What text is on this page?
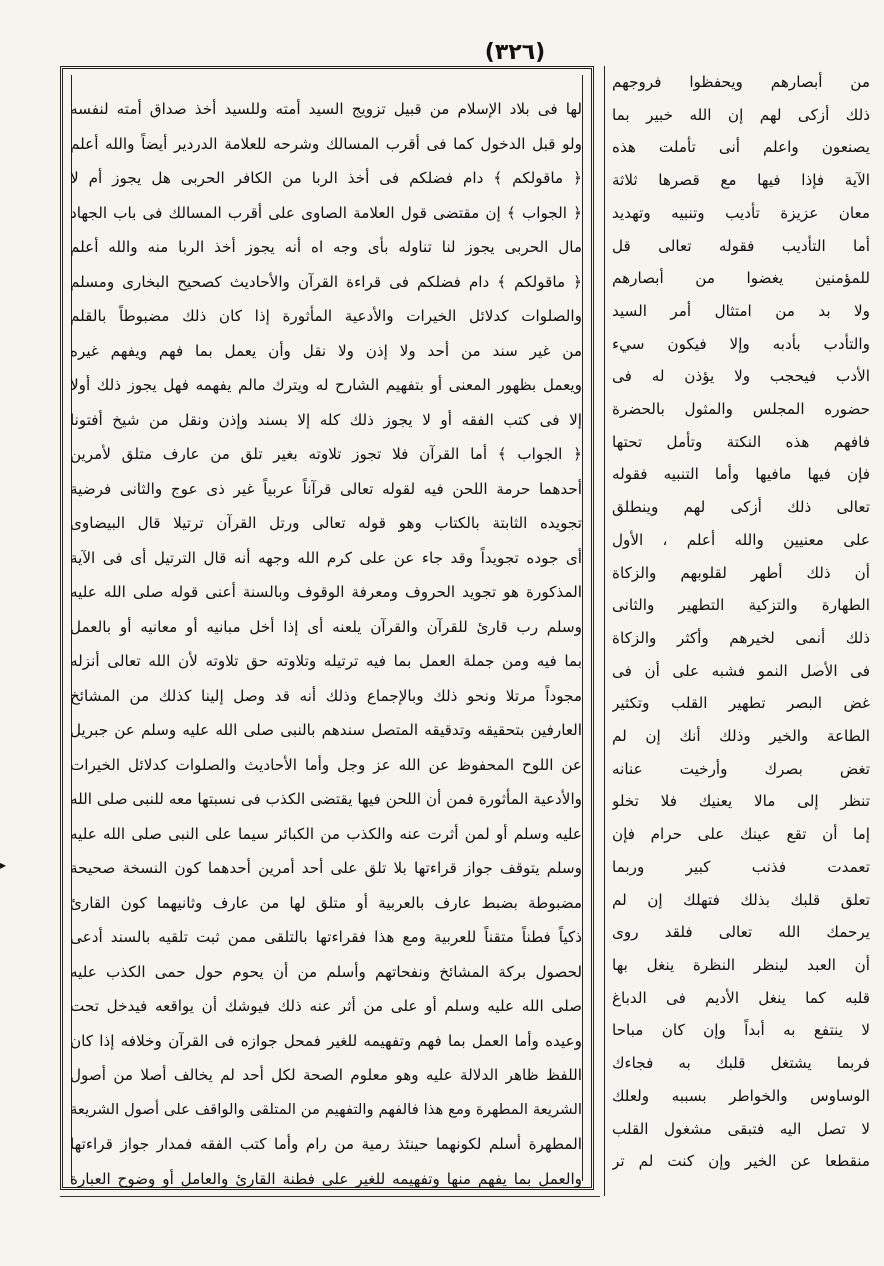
(٣٢٦)

لها فى بلاد الإسلام من قبيل تزويج السيد أمته وللسيد أخذ صداق أمته لنفسه

ولو قبل الدخول كما فى أقرب المسالك وشرحه للعلامة الدردير أيضاً والله أعلم

﴿ ماقولكم ﴾ دام فضلكم فى أخذ الربا من الكافر الحربى هل يجوز أم لا

﴿ الجواب ﴾ إن مقتضى قول العلامة الصاوى على أقرب المسالك فى باب الجهاد

مال الحربى يجوز لنا تناوله بأى وجه اه أنه يجوز أخذ الربا منه والله أعلم

﴿ ماقولكم ﴾ دام فضلكم فى قراءة القرآن والأحاديث كصحيح البخارى ومسلم

والصلوات كدلائل الخيرات والأدعية المأثورة إذا كان ذلك مضبوطاً بالقلم

من غير سند من أحد ولا إذن ولا نقل وأن يعمل بما فهم ويفهم غيره

ويعمل بظهور المعنى أو بتفهيم الشارح له ويترك مالم يفهمه فهل يجوز ذلك أولا

إلا فى كتب الفقه أو لا يجوز ذلك كله إلا بسند وإذن ونقل من شيخ أفتونا

﴿ الجواب ﴾ أما القرآن فلا تجوز تلاوته بغير تلق من عارف متلق لأمرين

أحدهما حرمة اللحن فيه لقوله تعالى قرآناً عربياً غير ذى عوج والثانى فرضية

تجويده الثابتة بالكتاب وهو قوله تعالى ورتل القرآن ترتيلا قال البيضاوى

أى جوده تجويداً وقد جاء عن على كرم الله وجهه أنه قال الترتيل أى فى الآية

المذكورة هو تجويد الحروف ومعرفة الوقوف وبالسنة أعنى قوله صلى الله عليه

وسلم رب قارئ للقرآن والقرآن يلعنه أى إذا أخل مبانيه أو معانيه أو بالعمل

بما فيه ومن جملة العمل بما فيه ترتيله وتلاوته حق تلاوته لأن الله تعالى أنزله

مجوداً مرتلا ونحو ذلك وبالإجماع وذلك أنه قد وصل إلينا كذلك من المشائخ

العارفين بتحقيقه وتدقيقه المتصل سندهم بالنبى صلى الله عليه وسلم عن جبريل

عن اللوح المحفوظ عن الله عز وجل وأما الأحاديث والصلوات كدلائل الخيرات

والأدعية المأثورة فمن أن اللحن فيها يقتضى الكذب فى نسبتها معه للنبى صلى الله

عليه وسلم أو لمن أثرت عنه والكذب من الكبائر سيما على النبى صلى الله عليه

وسلم يتوقف جواز قراءتها بلا تلق على أحد أمرين أحدهما كون النسخة صحيحة

مضبوطة بضبط عارف بالعربية أو متلق لها من عارف وثانيهما كون القارئ

ذكياً فطناً متقناً للعربية ومع هذا فقراءتها بالتلقى ممن ثبت تلقيه بالسند أدعى

لحصول بركة المشائخ ونفحاتهم وأسلم من أن يحوم حول حمى الكذب عليه

صلى الله عليه وسلم أو على من أثر عنه ذلك فيوشك أن يواقعه فيدخل تحت

وعيده وأما العمل بما فهم وتفهيمه للغير فمحل جوازه فى القرآن وخلافه إذا كان

اللفظ ظاهر الدلالة عليه وهو معلوم الصحة لكل أحد لم يخالف أصلا من أصول

الشريعة المطهرة ومع هذا فالفهم والتفهيم من المتلقى والواقف على أصول الشريعة

المطهرة أسلم لكونهما حينئذ رمية من رام وأما كتب الفقه فمدار جواز قراءتها

والعمل بما يفهم منها وتفهيمه للغير على فطنة القارئ والعامل أو وضوح العبارة

من أبصارهم ويحفظوا فروجهم

ذلك أزكى لهم إن الله خبير بما

يصنعون واعلم أنى تأملت هذه

الآية فإذا فيها مع قصرها ثلاثة

معان عزيزة تأديب وتنبيه وتهديد

أما التأديب فقوله تعالى قل

للمؤمنين يغضوا من أبصارهم

ولا بد من امتثال أمر السيد

والتأدب بأدبه وإلا فيكون سيء

الأدب فيحجب ولا يؤذن له فى

حضوره المجلس والمثول بالحضرة

فافهم هذه النكتة وتأمل تحتها

فإن فيها مافيها وأما التنبيه فقوله

تعالى ذلك أزكى لهم وينطلق

على معنيين والله أعلم ، الأول

أن ذلك أطهر لقلوبهم والزكاة

الطهارة والتزكية التطهير والثانى

ذلك أنمى لخيرهم وأكثر والزكاة

فى الأصل النمو فشبه على أن فى

غض البصر تطهير القلب وتكثير

الطاعة والخير وذلك أنك إن لم

تغض بصرك وأرخيت عنانه

تنظر إلى مالا يعنيك فلا تخلو

إما أن تقع عينك على حرام فإن

تعمدت فذنب كبير وربما

تعلق قلبك بذلك فتهلك إن لم

يرحمك الله تعالى فلقد روى

أن العبد لينظر النظرة ينغل بها

قلبه كما ينغل الأديم فى الدباغ

لا ينتفع به أبداً وإن كان مباحا

فربما يشتغل قلبك به فجاءك

الوساوس والخواطر بسببه ولعلك

لا تصل اليه فتبقى مشغول القلب

منقطعا عن الخير وإن كنت لم تر

▸
